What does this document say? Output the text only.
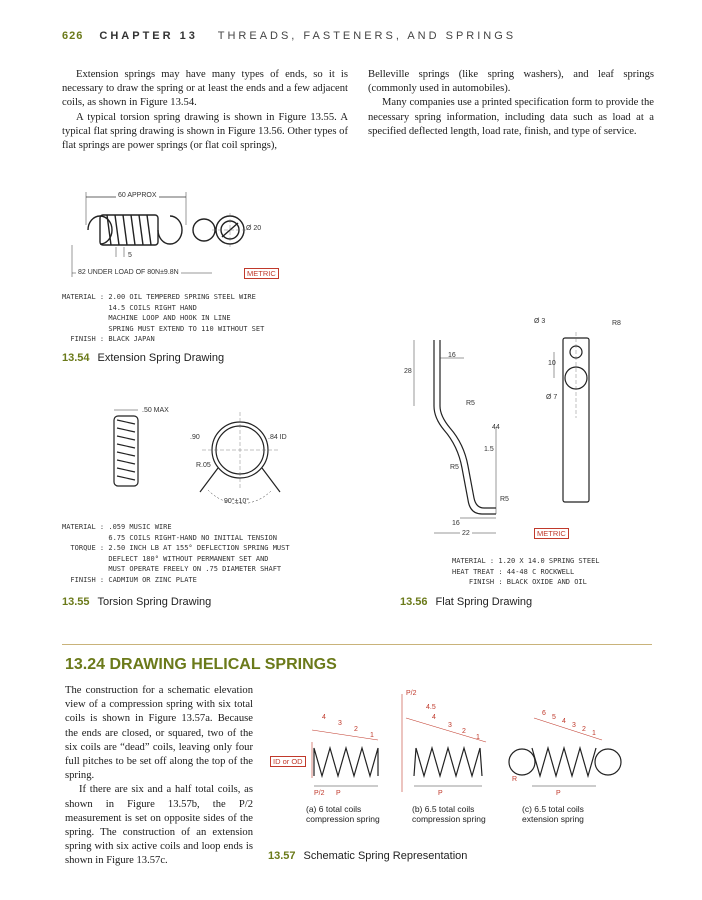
626 CHAPTER 13 THREADS, FASTENERS, AND SPRINGS

Extension springs may have many types of ends, so it is necessary to draw the spring or at least the ends and a few adjacent coils, as shown in Figure 13.54.

A typical torsion spring drawing is shown in Figure 13.55. A typical flat spring drawing is shown in Figure 13.56. Other types of flat springs are power springs (or flat coil springs),

Belleville springs (like spring washers), and leaf springs (commonly used in automobiles).

Many companies use a printed specification form to provide the necessary spring information, including data such as load at a specified deflected length, load rate, finish, and type of service.

60 APPROX
Ø 20
5
82 UNDER LOAD OF 80N±9.8N	METRIC
MATERIAL : 2.00 OIL TEMPERED SPRING STEEL WIRE
14.5 COILS RIGHT HAND
MACHINE LOOP AND HOOK IN LINE
SPRING MUST EXTEND TO 110 WITHOUT SET
FINISH : BLACK JAPAN
13.54 Extension Spring Drawing
.50 MAX
.90	.84 ID
R.05
90°±10°
MATERIAL : .059 MUSIC WIRE
6.75 COILS RIGHT-HAND NO INITIAL TENSION
TORQUE : 2.50 INCH LB AT 155° DEFLECTION SPRING MUST
DEFLECT 180° WITHOUT PERMANENT SET AND
MUST OPERATE FREELY ON .75 DIAMETER SHAFT
FINISH : CADMIUM OR ZINC PLATE
13.55 Torsion Spring Drawing
Ø 3	R8
16
28
10
Ø 7
R5
44
1.5
R5
R5
16
22	METRIC
MATERIAL : 1.20 X 14.0 SPRING STEEL
HEAT TREAT : 44-48 C ROCKWELL
FINISH : BLACK OXIDE AND OIL
13.56 Flat Spring Drawing
13.24 DRAWING HELICAL SPRINGS

The construction for a schematic elevation view of a compression spring with six total coils is shown in Figure 13.57a. Because the ends are closed, or squared, two of the six coils are “dead” coils, leaving only four full pitches to be set off along the top of the spring.

If there are six and a half total coils, as shown in Figure 13.57b, the P/2 measurement is set on opposite sides of the spring. The construction of an extension spring with six active coils and loop ends is shown in Figure 13.57c.

ID or OD
4
3
2
1
P
P/2
4.5
4
3
2
1
P
P/2
6
5
4
3
2
1
P
R
(a) 6 total coils
compression spring
(b) 6.5 total coils
compression spring
(c) 6.5 total coils
extension spring
13.57 Schematic Spring Representation
